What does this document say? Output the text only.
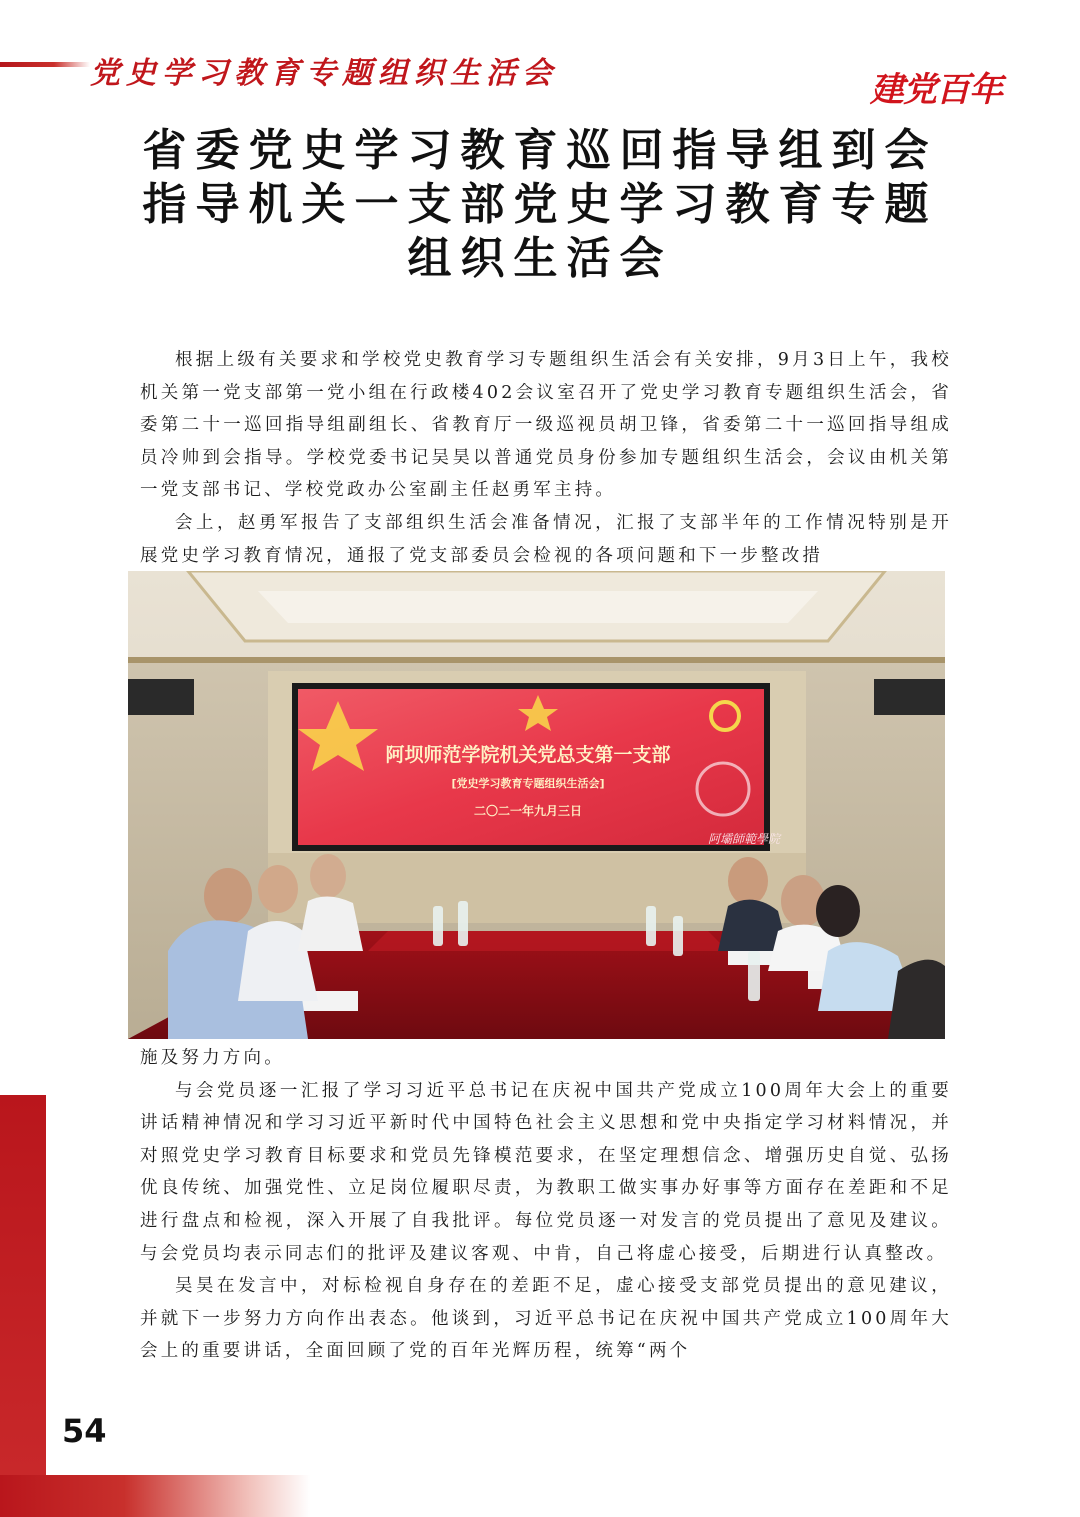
党史学习教育专题组织生活会	建党百年
省委党史学习教育巡回指导组到会
指导机关一支部党史学习教育专题
组织生活会

根据上级有关要求和学校党史教育学习专题组织生活会有关安排，9月3日上午，我校机关第一党支部第一党小组在行政楼402会议室召开了党史学习教育专题组织生活会，省委第二十一巡回指导组副组长、省教育厅一级巡视员胡卫锋，省委第二十一巡回指导组成员冷帅到会指导。学校党委书记吴昊以普通党员身份参加专题组织生活会，会议由机关第一党支部书记、学校党政办公室副主任赵勇军主持。

会上，赵勇军报告了支部组织生活会准备情况，汇报了支部半年的工作情况特别是开展党史学习教育情况，通报了党支部委员会检视的各项问题和下一步整改措

阿坝师范学院机关党总支第一支部
[党史学习教育专题组织生活会]
二〇二一年九月三日
阿壩師範學院

施及努力方向。

与会党员逐一汇报了学习习近平总书记在庆祝中国共产党成立100周年大会上的重要讲话精神情况和学习习近平新时代中国特色社会主义思想和党中央指定学习材料情况，并对照党史学习教育目标要求和党员先锋模范要求，在坚定理想信念、增强历史自觉、弘扬优良传统、加强党性、立足岗位履职尽责，为教职工做实事办好事等方面存在差距和不足进行盘点和检视，深入开展了自我批评。每位党员逐一对发言的党员提出了意见及建议。与会党员均表示同志们的批评及建议客观、中肯，自己将虚心接受，后期进行认真整改。

吴昊在发言中，对标检视自身存在的差距不足，虚心接受支部党员提出的意见建议，并就下一步努力方向作出表态。他谈到，习近平总书记在庆祝中国共产党成立100周年大会上的重要讲话，全面回顾了党的百年光辉历程，统筹“两个

54
